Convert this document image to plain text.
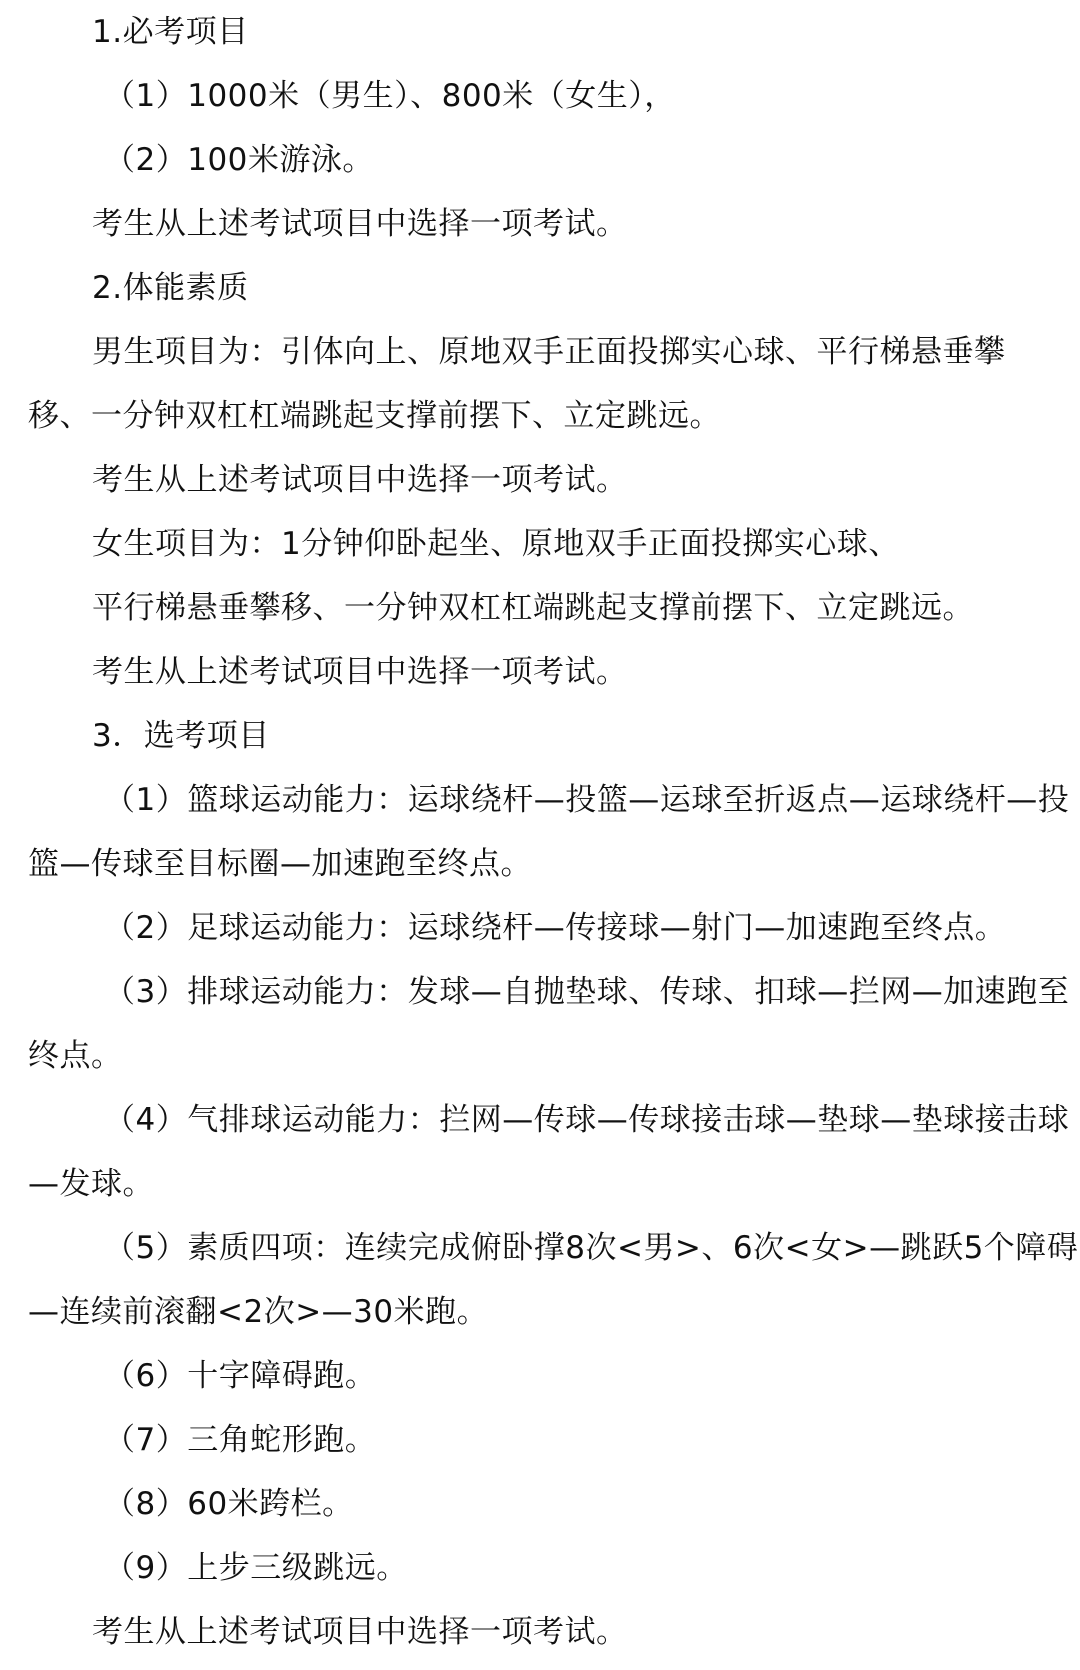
1.必考项目
（1）1000米（男生）、800米（女生），
（2）100米游泳。
考生从上述考试项目中选择一项考试。
2.体能素质
男生项目为：引体向上、原地双手正面投掷实心球、平行梯悬垂攀
移、一分钟双杠杠端跳起支撑前摆下、立定跳远。
考生从上述考试项目中选择一项考试。
女生项目为：1分钟仰卧起坐、原地双手正面投掷实心球、
平行梯悬垂攀移、一分钟双杠杠端跳起支撑前摆下、立定跳远。
考生从上述考试项目中选择一项考试。
3．选考项目
（1）篮球运动能力：运球绕杆—投篮—运球至折返点—运球绕杆—投
篮—传球至目标圈—加速跑至终点。
（2）足球运动能力：运球绕杆—传接球—射门—加速跑至终点。
（3）排球运动能力：发球—自抛垫球、传球、扣球—拦网—加速跑至
终点。
（4）气排球运动能力：拦网—传球—传球接击球—垫球—垫球接击球
—发球。
（5）素质四项：连续完成俯卧撑8次<男>、6次<女>—跳跃5个障碍
—连续前滚翻<2次>—30米跑。
（6）十字障碍跑。
（7）三角蛇形跑。
（8）60米跨栏。
（9）上步三级跳远。
考生从上述考试项目中选择一项考试。
